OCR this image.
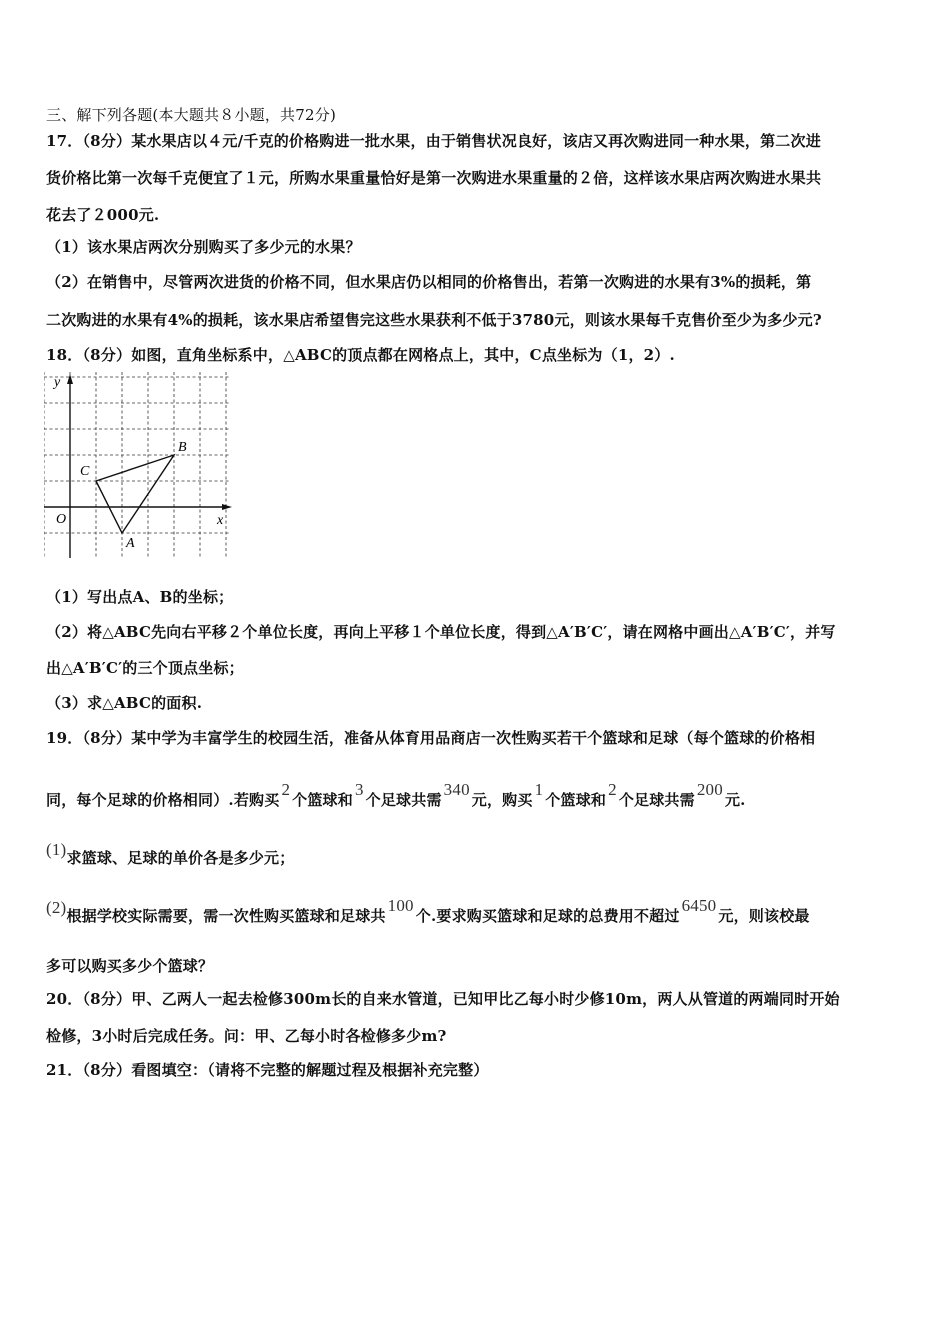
三、解下列各题(本大题共８小题，共72分)
17．（8分）某水果店以４元/千克的价格购进一批水果，由于销售状况良好，该店又再次购进同一种水果，第二次进
货价格比第一次每千克便宜了１元，所购水果重量恰好是第一次购进水果重量的２倍，这样该水果店两次购进水果共
花去了２000元.
（1）该水果店两次分别购买了多少元的水果？
（2）在销售中，尽管两次进货的价格不同，但水果店仍以相同的价格售出，若第一次购进的水果有3%的损耗，第
二次购进的水果有4%的损耗，该水果店希望售完这些水果获利不低于3780元，则该水果每千克售价至少为多少元?
18．（8分）如图，直角坐标系中，△ABC的顶点都在网格点上，其中，C点坐标为（1，2）.
y
x
O
A
B
C
（1）写出点A、B的坐标；
（2）将△ABC先向右平移２个单位长度，再向上平移１个单位长度，得到△A′B′C′，请在网格中画出△A′B′C′，并写
出△A′B′C′的三个顶点坐标；
（3）求△ABC的面积.
19．（8分）某中学为丰富学生的校园生活，准备从体育用品商店一次性购买若干个篮球和足球（每个篮球的价格相
同，每个足球的价格相同）.若购买2个篮球和3个足球共需340元，购买1个篮球和2个足球共需200元.
(1)求篮球、足球的单价各是多少元；
(2)根据学校实际需要，需一次性购买篮球和足球共100个.要求购买篮球和足球的总费用不超过6450元，则该校最
多可以购买多少个篮球？
20．（8分）甲、乙两人一起去检修300m长的自来水管道，已知甲比乙每小时少修10m，两人从管道的两端同时开始
检修，3小时后完成任务。问：甲、乙每小时各检修多少m?
21．（8分）看图填空：（请将不完整的解题过程及根据补充完整）
